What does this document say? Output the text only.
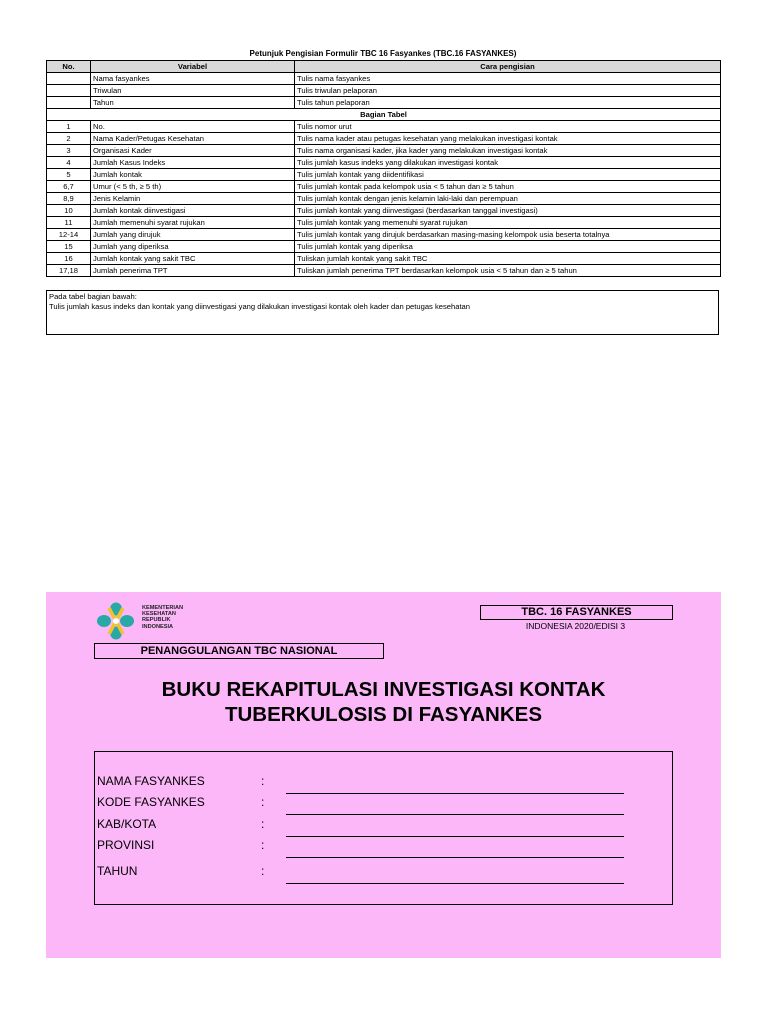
Petunjuk Pengisian Formulir TBC 16 Fasyankes (TBC.16 FASYANKES)
No.	Variabel	Cara pengisian
	Nama fasyankes	Tulis nama fasyankes
	Triwulan	Tulis triwulan pelaporan
	Tahun	Tulis tahun pelaporan
Bagian Tabel		
1	No.	Tulis nomor urut
2	Nama Kader/Petugas Kesehatan	Tulis nama kader atau petugas kesehatan yang melakukan investigasi kontak
3	Organisasi Kader	Tulis nama organisasi kader, jika kader yang melakukan investigasi kontak
4	Jumlah Kasus Indeks	Tulis jumlah kasus indeks yang dilakukan investigasi kontak
5	Jumlah kontak	Tulis jumlah kontak yang diidentifikasi
6,7	Umur (< 5 th, ≥ 5 th)	Tulis jumlah kontak pada kelompok usia < 5 tahun dan ≥ 5 tahun
8,9	Jenis Kelamin	Tulis jumlah kontak dengan jenis kelamin laki-laki dan perempuan
10	Jumlah kontak diinvestigasi	Tulis jumlah kontak yang diinvestigasi (berdasarkan tanggal investigasi)
11	Jumlah memenuhi syarat rujukan	Tulis jumlah kontak yang memenuhi syarat rujukan
12-14	Jumlah yang dirujuk	Tulis jumlah kontak yang dirujuk berdasarkan masing-masing kelompok usia beserta totalnya
15	Jumlah yang diperiksa	Tulis jumlah kontak yang diperiksa
16	Jumlah kontak yang sakit TBC	Tuliskan jumlah kontak yang sakit TBC
17,18	Jumlah penerima TPT	Tuliskan jumlah penerima TPT berdasarkan kelompok usia < 5 tahun dan ≥ 5 tahun
Pada tabel bagian bawah:
Tulis jumlah kasus indeks dan kontak yang diinvestigasi yang dilakukan investigasi kontak oleh kader dan petugas kesehatan
KEMENTERIAN
KESEHATAN
REPUBLIK
INDONESIA
TBC. 16 FASYANKES
INDONESIA 2020/EDISI 3
PENANGGULANGAN TBC NASIONAL
BUKU REKAPITULASI INVESTIGASI KONTAK
TUBERKULOSIS DI FASYANKES
NAMA FASYANKES	:
KODE FASYANKES	:
KAB/KOTA	:
PROVINSI	:
TAHUN	:
